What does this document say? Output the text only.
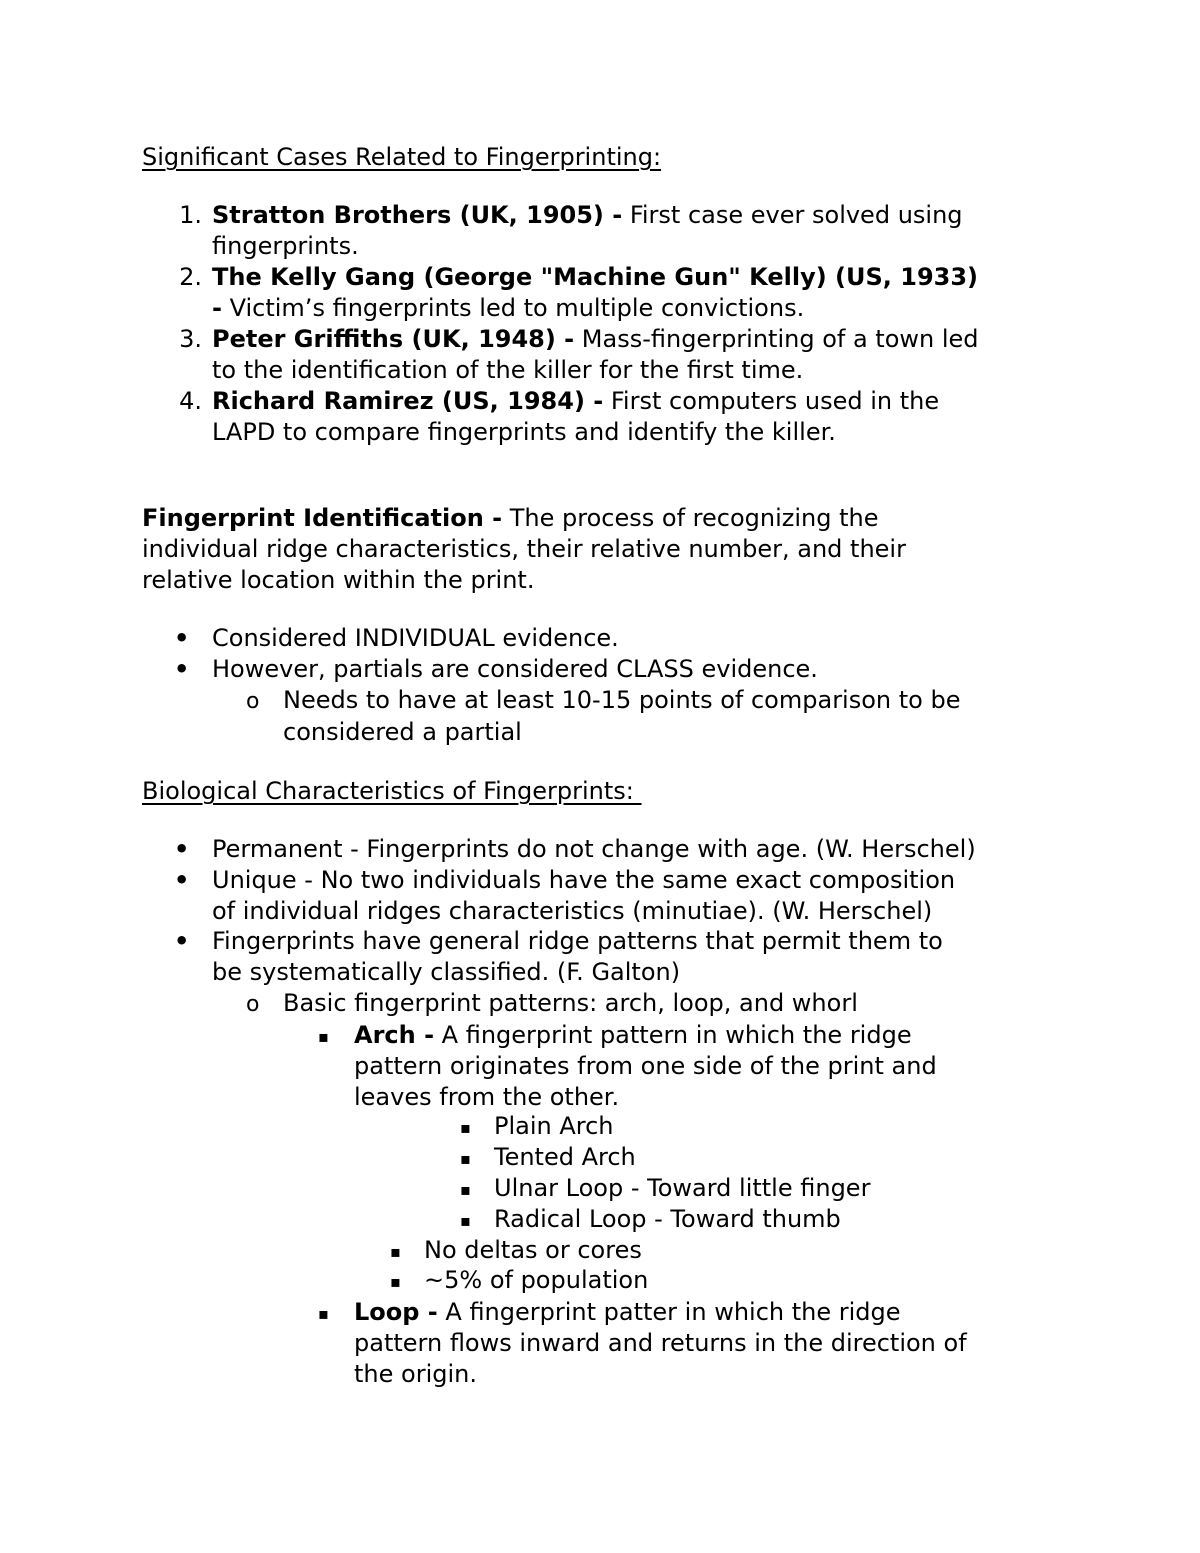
Significant Cases Related to Fingerprinting:
1. Stratton Brothers (UK, 1905) - First case ever solved using
fingerprints.
2. The Kelly Gang (George "Machine Gun" Kelly) (US, 1933)
- Victim’s fingerprints led to multiple convictions.
3. Peter Griffiths (UK, 1948) - Mass-fingerprinting of a town led
to the identification of the killer for the first time.
4. Richard Ramirez (US, 1984) - First computers used in the
LAPD to compare fingerprints and identify the killer.
Fingerprint Identification - The process of recognizing the
individual ridge characteristics, their relative number, and their
relative location within the print.
• Considered INDIVIDUAL evidence.
• However, partials are considered CLASS evidence.
o Needs to have at least 10-15 points of comparison to be
considered a partial
Biological Characteristics of Fingerprints:
• Permanent - Fingerprints do not change with age. (W. Herschel)
• Unique - No two individuals have the same exact composition
of individual ridges characteristics (minutiae). (W. Herschel)
• Fingerprints have general ridge patterns that permit them to
be systematically classified. (F. Galton)
o Basic fingerprint patterns: arch, loop, and whorl
▪ Arch - A fingerprint pattern in which the ridge
pattern originates from one side of the print and
leaves from the other.
▪ Plain Arch
▪ Tented Arch
▪ Ulnar Loop - Toward little finger
▪ Radical Loop - Toward thumb
▪ No deltas or cores
▪ ~5% of population
▪ Loop - A fingerprint patter in which the ridge
pattern flows inward and returns in the direction of
the origin.
